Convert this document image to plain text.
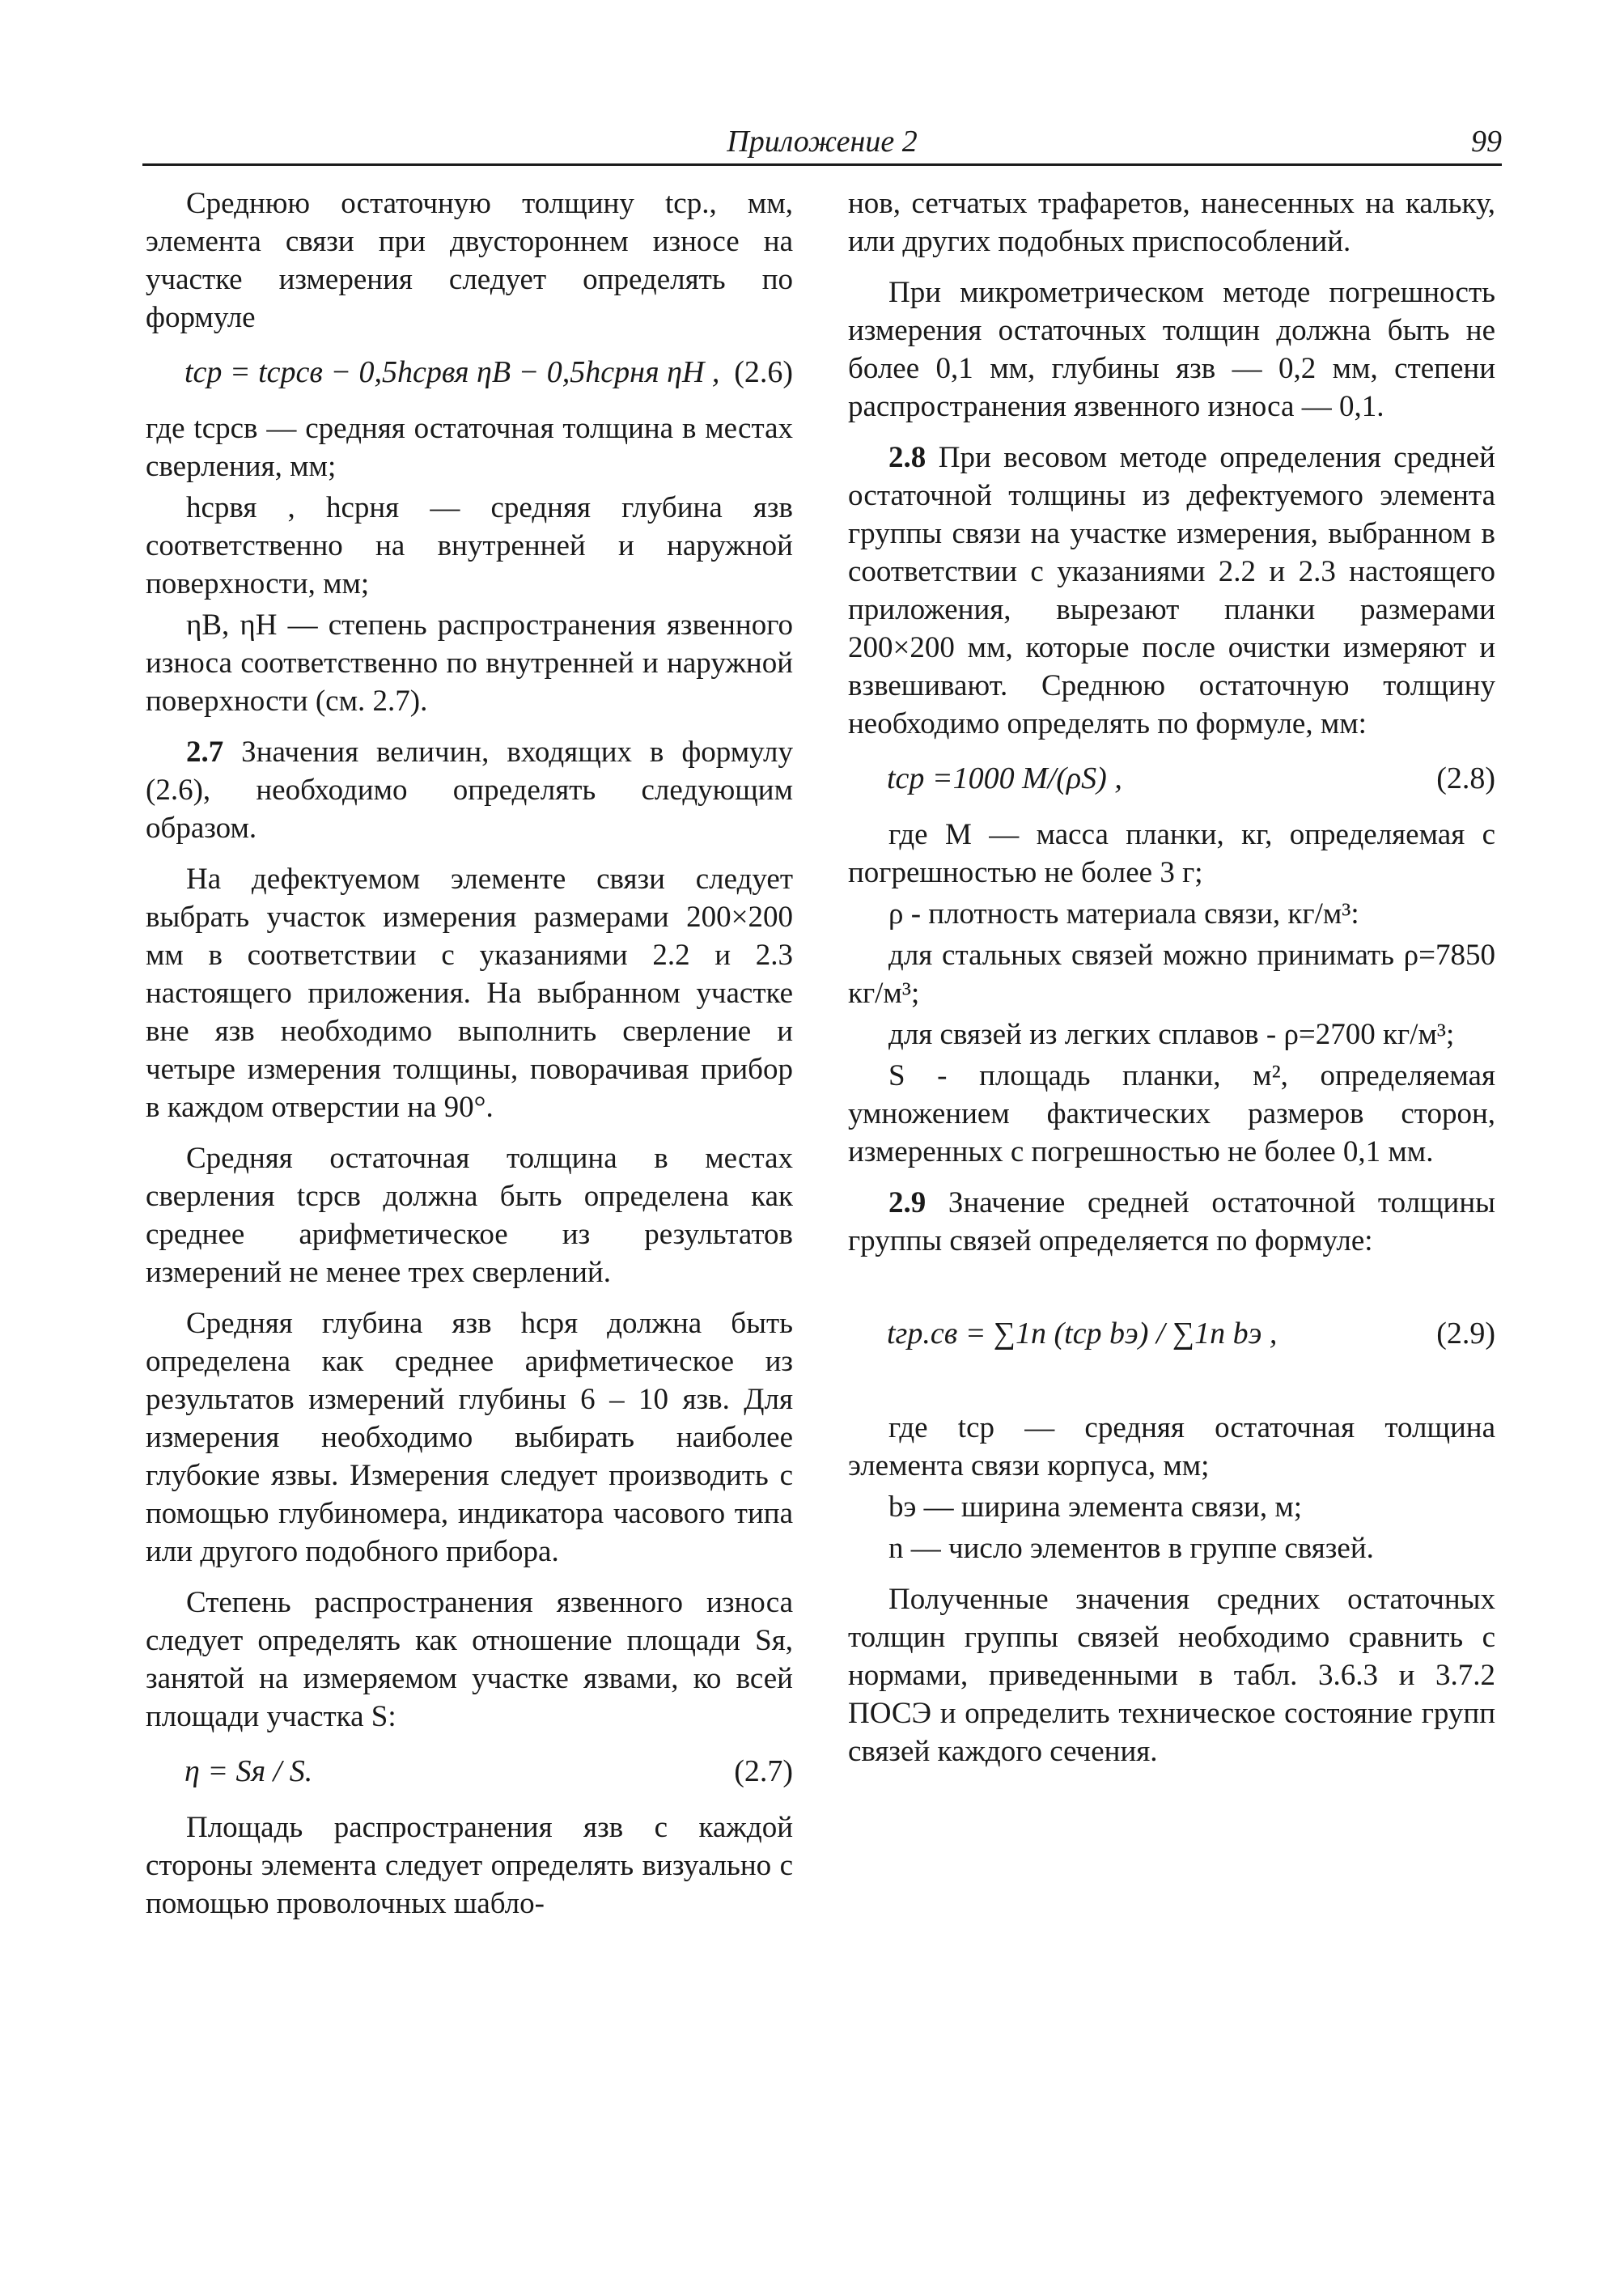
Приложение 2	99

Среднюю остаточную толщину tср., мм, элемента связи при двустороннем износе на участке измерения следует определять по формуле

tср = tсрсв − 0,5hсрвя ηВ − 0,5hсрня ηН , (2.6)

где tсрсв — средняя остаточная толщина в местах сверления, мм;

hсрвя , hсрня — средняя глубина язв соответственно на внутренней и наружной поверхности, мм;

ηВ, ηН — степень распространения язвенного износа соответственно по внутренней и наружной поверхности (см. 2.7).

2.7 Значения величин, входящих в формулу (2.6), необходимо определять следующим образом.

На дефектуемом элементе связи следует выбрать участок измерения размерами 200×200 мм в соответствии с указаниями 2.2 и 2.3 настоящего приложения. На выбранном участке вне язв необходимо выполнить сверление и четыре измерения толщины, поворачивая прибор в каждом отверстии на 90°.

Средняя остаточная толщина в местах сверления tсрсв должна быть определена как среднее арифметическое из результатов измерений не менее трех сверлений.

Средняя глубина язв hсря должна быть определена как среднее арифметическое из результатов измерений глубины 6 – 10 язв. Для измерения необходимо выбирать наиболее глубокие язвы. Измерения следует производить с помощью глубиномера, индикатора часового типа или другого подобного прибора.

Степень распространения язвенного износа следует определять как отношение площади Sя, занятой на измеряемом участке язвами, ко всей площади участка S:

η = Sя / S.	(2.7)

Площадь распространения язв с каждой стороны элемента следует определять визуально с помощью проволочных шабло-

нов, сетчатых трафаретов, нанесенных на кальку, или других подобных приспособлений.

При микрометрическом методе погрешность измерения остаточных толщин должна быть не более 0,1 мм, глубины язв — 0,2 мм, степени распространения язвенного износа — 0,1.

2.8 При весовом методе определения средней остаточной толщины из дефектуемого элемента группы связи на участке измерения, выбранном в соответствии с указаниями 2.2 и 2.3 настоящего приложения, вырезают планки размерами 200×200 мм, которые после очистки измеряют и взвешивают. Среднюю остаточную толщину необходимо определять по формуле, мм:

tср =1000 M/(ρS) ,	(2.8)

где M — масса планки, кг, определяемая с погрешностью не более 3 г;

ρ - плотность материала связи, кг/м³:

для стальных связей можно принимать ρ=7850 кг/м³;

для связей из легких сплавов - ρ=2700 кг/м³;

S - площадь планки, м², определяемая умножением фактических размеров сторон, измеренных с погрешностью не более 0,1 мм.

2.9 Значение средней остаточной толщины группы связей определяется по формуле:

tгр.св = ∑1n (tср bэ) / ∑1n bэ ,	(2.9)

где tср — средняя остаточная толщина элемента связи корпуса, мм;

bэ — ширина элемента связи, м;

n — число элементов в группе связей.

Полученные значения средних остаточных толщин группы связей необходимо сравнить с нормами, приведенными в табл. 3.6.3 и 3.7.2 ПОСЭ и определить техническое состояние групп связей каждого сечения.
